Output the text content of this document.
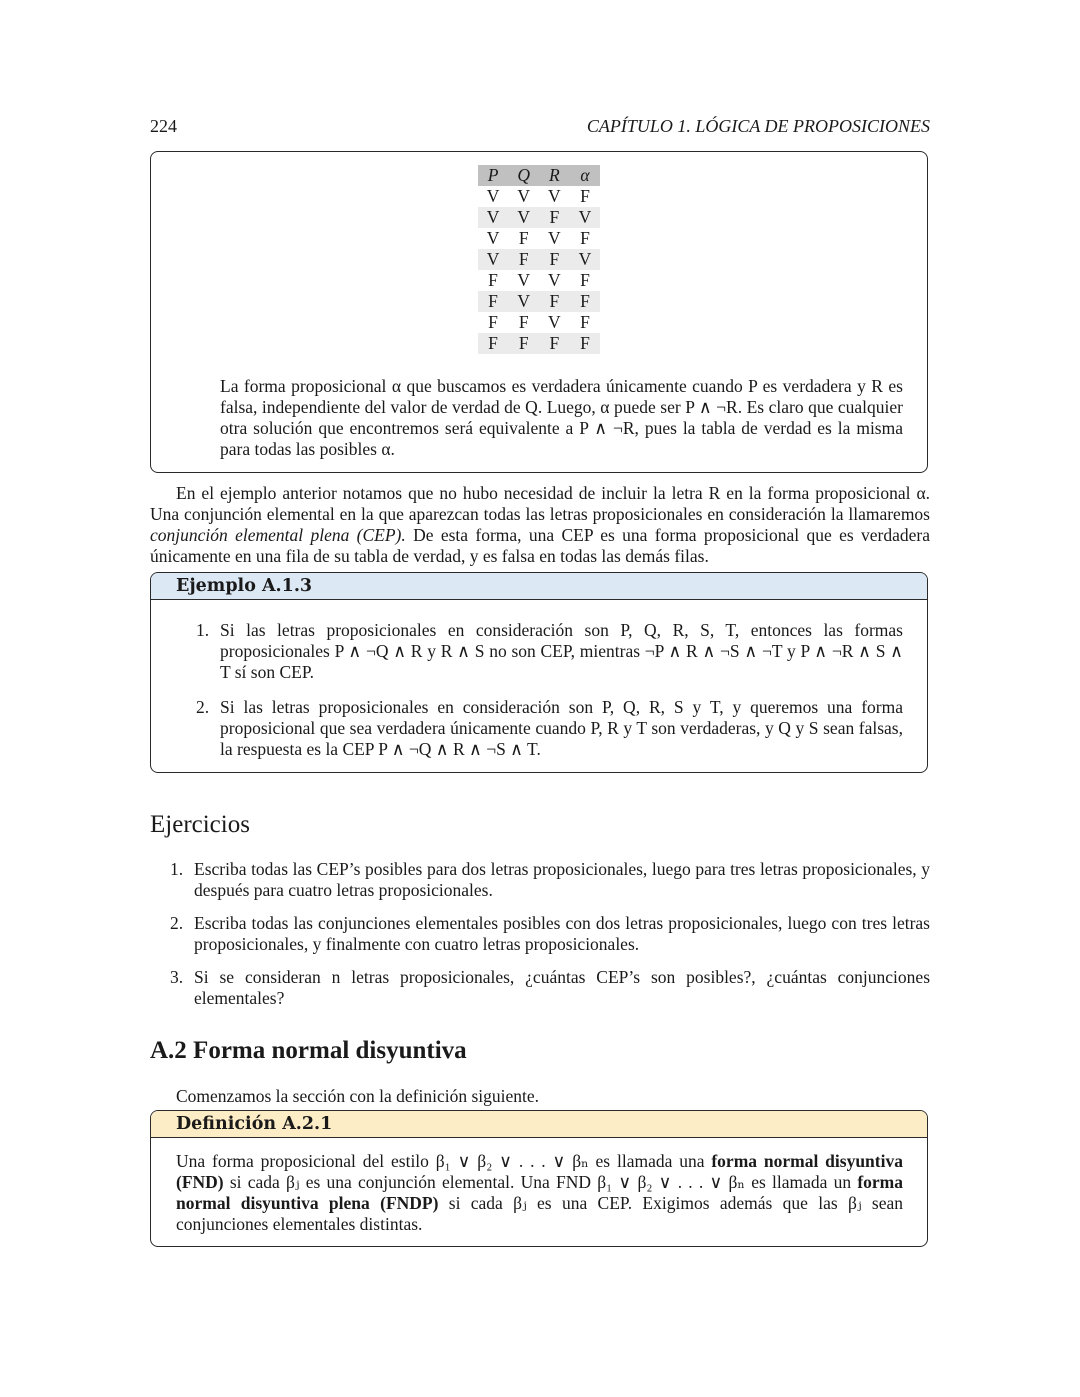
224	CAPÍTULO 1. LÓGICA DE PROPOSICIONES
P	Q	R	α
V	V	V	F
V	V	F	V
V	F	V	F
V	F	F	V
F	V	V	F
F	V	F	F
F	F	V	F
F	F	F	F

La forma proposicional α que buscamos es verdadera únicamente cuando P es verdadera y R es falsa, independiente del valor de verdad de Q. Luego, α puede ser P ∧ ¬R. Es claro que cualquier otra solución que encontremos será equivalente a P ∧ ¬R, pues la tabla de verdad es la misma para todas las posibles α.

En el ejemplo anterior notamos que no hubo necesidad de incluir la letra R en la forma proposicional α. Una conjunción elemental en la que aparezcan todas las letras proposicionales en consideración la llamaremos conjunción elemental plena (CEP). De esta forma, una CEP es una forma proposicional que es verdadera únicamente en una fila de su tabla de verdad, y es falsa en todas las demás filas.

Ejemplo A.1.3
1. Si las letras proposicionales en consideración son P, Q, R, S, T, entonces las formas proposicionales P ∧ ¬Q ∧ R y R ∧ S no son CEP, mientras ¬P ∧ R ∧ ¬S ∧ ¬T y P ∧ ¬R ∧ S ∧ T sí son CEP.
2. Si las letras proposicionales en consideración son P, Q, R, S y T, y queremos una forma proposicional que sea verdadera únicamente cuando P, R y T son verdaderas, y Q y S sean falsas, la respuesta es la CEP P ∧ ¬Q ∧ R ∧ ¬S ∧ T.
Ejercicios
1. Escriba todas las CEP’s posibles para dos letras proposicionales, luego para tres letras proposicionales, y después para cuatro letras proposicionales.
2. Escriba todas las conjunciones elementales posibles con dos letras proposicionales, luego con tres letras proposicionales, y finalmente con cuatro letras proposicionales.
3. Si se consideran n letras proposicionales, ¿cuántas CEP’s son posibles?, ¿cuántas conjunciones elementales?
A.2 Forma normal disyuntiva
Comenzamos la sección con la definición siguiente.
Definición A.2.1

Una forma proposicional del estilo β₁ ∨ β₂ ∨ . . . ∨ βₙ es llamada una forma normal disyuntiva (FND) si cada βⱼ es una conjunción elemental. Una FND β₁ ∨ β₂ ∨ . . . ∨ βₙ es llamada un forma normal disyuntiva plena (FNDP) si cada βⱼ es una CEP. Exigimos además que las βⱼ sean conjunciones elementales distintas.
